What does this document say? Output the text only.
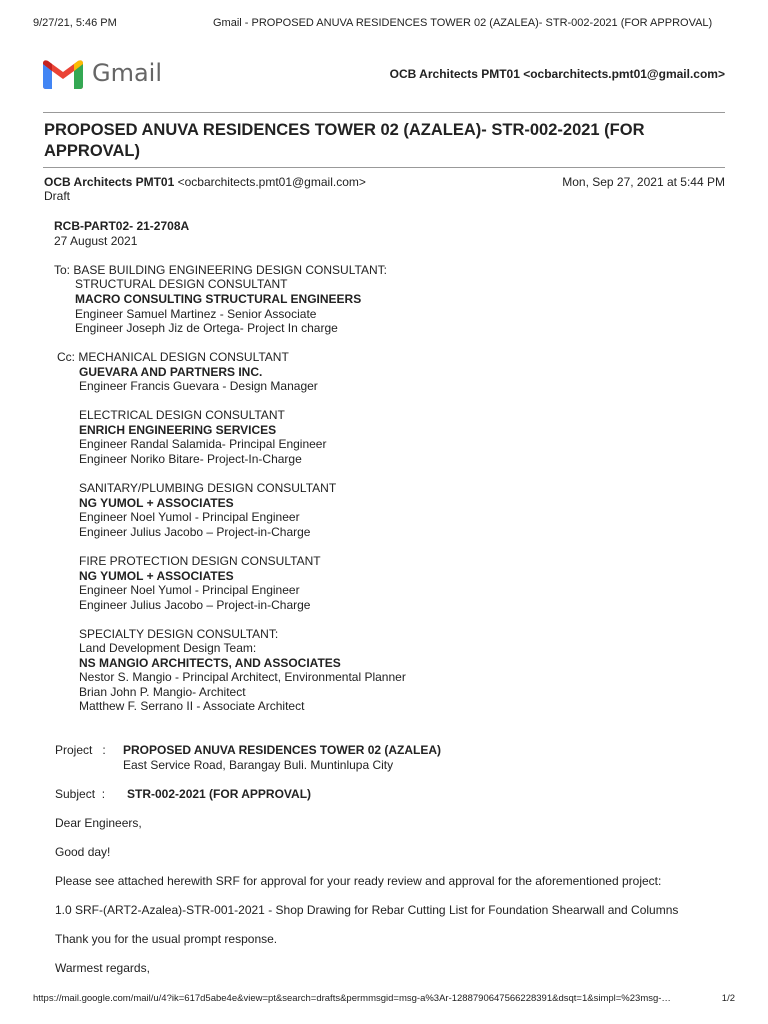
9/27/21, 5:46 PM	Gmail - PROPOSED ANUVA RESIDENCES TOWER 02 (AZALEA)- STR-002-2021 (FOR APPROVAL)
Gmail	OCB Architects PMT01 <ocbarchitects.pmt01@gmail.com>
PROPOSED ANUVA RESIDENCES TOWER 02 (AZALEA)- STR-002-2021 (FOR APPROVAL)
OCB Architects PMT01 <ocbarchitects.pmt01@gmail.com>	Mon, Sep 27, 2021 at 5:44 PM
Draft
RCB-PART02- 21-2708A
27 August 2021
To: BASE BUILDING ENGINEERING DESIGN CONSULTANT:
STRUCTURAL DESIGN CONSULTANT
MACRO CONSULTING STRUCTURAL ENGINEERS
Engineer Samuel Martinez - Senior Associate
Engineer Joseph Jiz de Ortega- Project In charge
Cc: MECHANICAL DESIGN CONSULTANT
GUEVARA AND PARTNERS INC.
Engineer Francis Guevara - Design Manager
ELECTRICAL DESIGN CONSULTANT
ENRICH ENGINEERING SERVICES
Engineer Randal Salamida- Principal Engineer
Engineer Noriko Bitare- Project-In-Charge
SANITARY/PLUMBING DESIGN CONSULTANT
NG YUMOL + ASSOCIATES
Engineer Noel Yumol - Principal Engineer
Engineer Julius Jacobo – Project-in-Charge
FIRE PROTECTION DESIGN CONSULTANT
NG YUMOL + ASSOCIATES
Engineer Noel Yumol - Principal Engineer
Engineer Julius Jacobo – Project-in-Charge
SPECIALTY DESIGN CONSULTANT:
Land Development Design Team:
NS MANGIO ARCHITECTS, AND ASSOCIATES
Nestor S. Mangio - Principal Architect, Environmental Planner
Brian John P. Mangio- Architect
Matthew F. Serrano II - Associate Architect
Project   : PROPOSED ANUVA RESIDENCES TOWER 02 (AZALEA)
East Service Road, Barangay Buli. Muntinlupa City
Subject  : STR-002-2021 (FOR APPROVAL)
Dear Engineers,
Good day!
Please see attached herewith SRF for approval for your ready review and approval for the aforementioned project:
1.0 SRF-(ART2-Azalea)-STR-001-2021 - Shop Drawing for Rebar Cutting List for Foundation Shearwall and Columns
Thank you for the usual prompt response.
Warmest regards,
https://mail.google.com/mail/u/4?ik=617d5abe4e&view=pt&search=drafts&permmsgid=msg-a%3Ar-1288790647566228391&dsqt=1&simpl=%23msg-…	1/2
